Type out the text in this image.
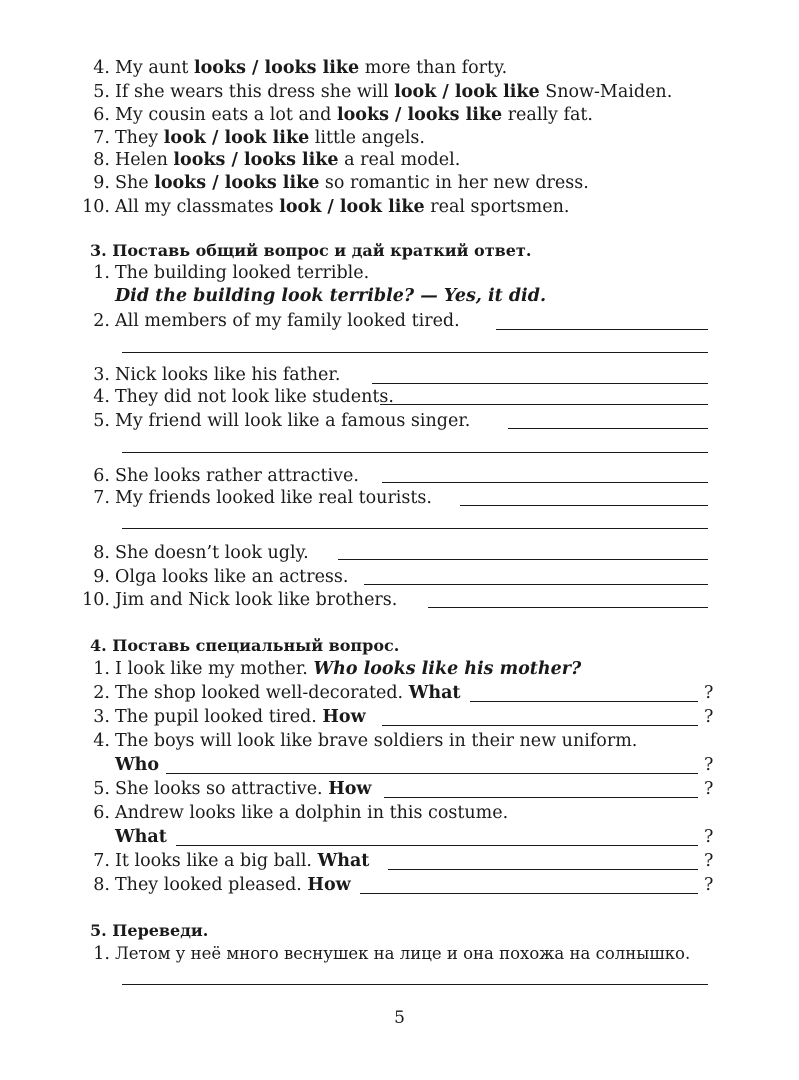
4. My aunt looks / looks like more than forty.
5. If she wears this dress she will look / look like Snow-Maiden.
6. My cousin eats a lot and looks / looks like really fat.
7. They look / look like little angels.
8. Helen looks / looks like a real model.
9. She looks / looks like so romantic in her new dress.
10. All my classmates look / look like real sportsmen.
3. Поставь общий вопрос и дай краткий ответ.
1. The building looked terrible.
Did the building look terrible? — Yes, it did.
2. All members of my family looked tired.
3. Nick looks like his father.
4. They did not look like students.
5. My friend will look like a famous singer.
6. She looks rather attractive.
7. My friends looked like real tourists.
8. She doesn’t look ugly.
9. Olga looks like an actress.
10. Jim and Nick look like brothers.
4. Поставь специальный вопрос.
1. I look like my mother. Who looks like his mother?
2. The shop looked well-decorated. What	?
3. The pupil looked tired. How	?
4. The boys will look like brave soldiers in their new uniform.
Who	?
5. She looks so attractive. How	?
6. Andrew looks like a dolphin in this costume.
What	?
7. It looks like a big ball. What	?
8. They looked pleased. How	?
5. Переведи.
1. Летом у неё много веснушек на лице и она похожа на солнышко.
5
